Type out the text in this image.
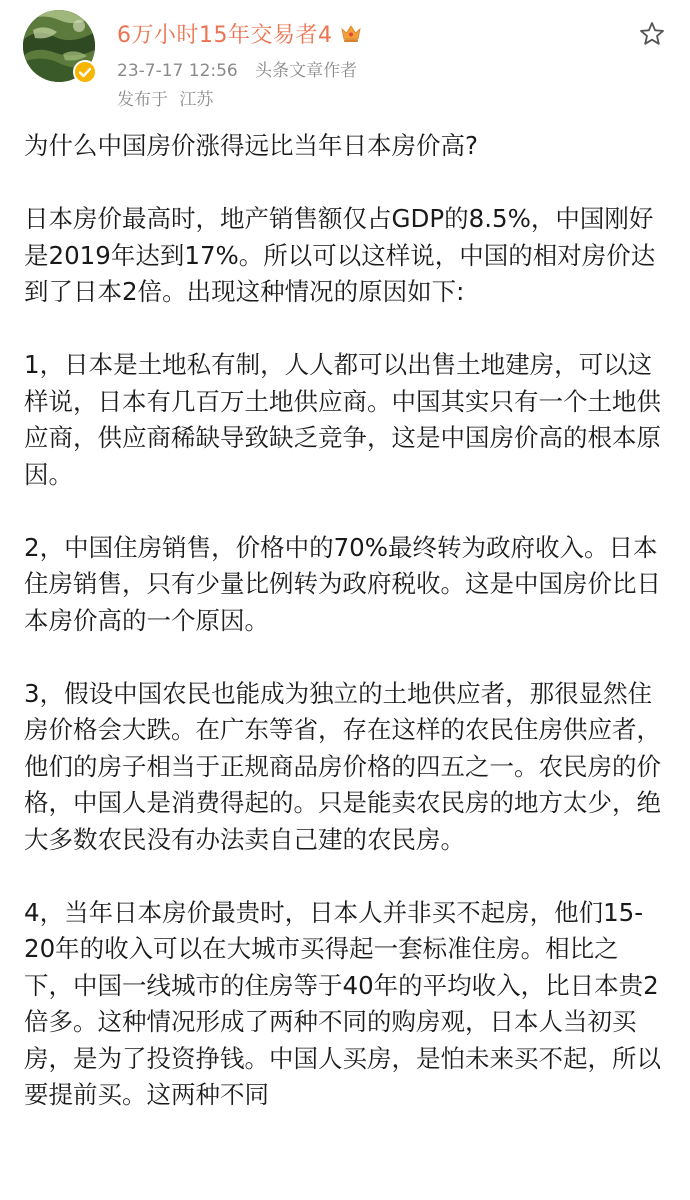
6万小时15年交易者4
23-7-17 12:56 头条文章作者
发布于 江苏

为什么中国房价涨得远比当年日本房价高?

日本房价最高时，地产销售额仅占GDP的8.5%，中国刚好是2019年达到17%。所以可以这样说，中国的相对房价达到了日本2倍。出现这种情况的原因如下:

1，日本是土地私有制，人人都可以出售土地建房，可以这样说，日本有几百万土地供应商。中国其实只有一个土地供应商，供应商稀缺导致缺乏竞争，这是中国房价高的根本原因。

2，中国住房销售，价格中的70%最终转为政府收入。日本住房销售，只有少量比例转为政府税收。这是中国房价比日本房价高的一个原因。

3，假设中国农民也能成为独立的土地供应者，那很显然住房价格会大跌。在广东等省，存在这样的农民住房供应者，他们的房子相当于正规商品房价格的四五之一。农民房的价格，中国人是消费得起的。只是能卖农民房的地方太少，绝大多数农民没有办法卖自己建的农民房。

4，当年日本房价最贵时，日本人并非买不起房，他们15-20年的收入可以在大城市买得起一套标准住房。相比之下，中国一线城市的住房等于40年的平均收入，比日本贵2倍多。这种情况形成了两种不同的购房观，日本人当初买房，是为了投资挣钱。中国人买房，是怕未来买不起，所以要提前买。这两种不同
